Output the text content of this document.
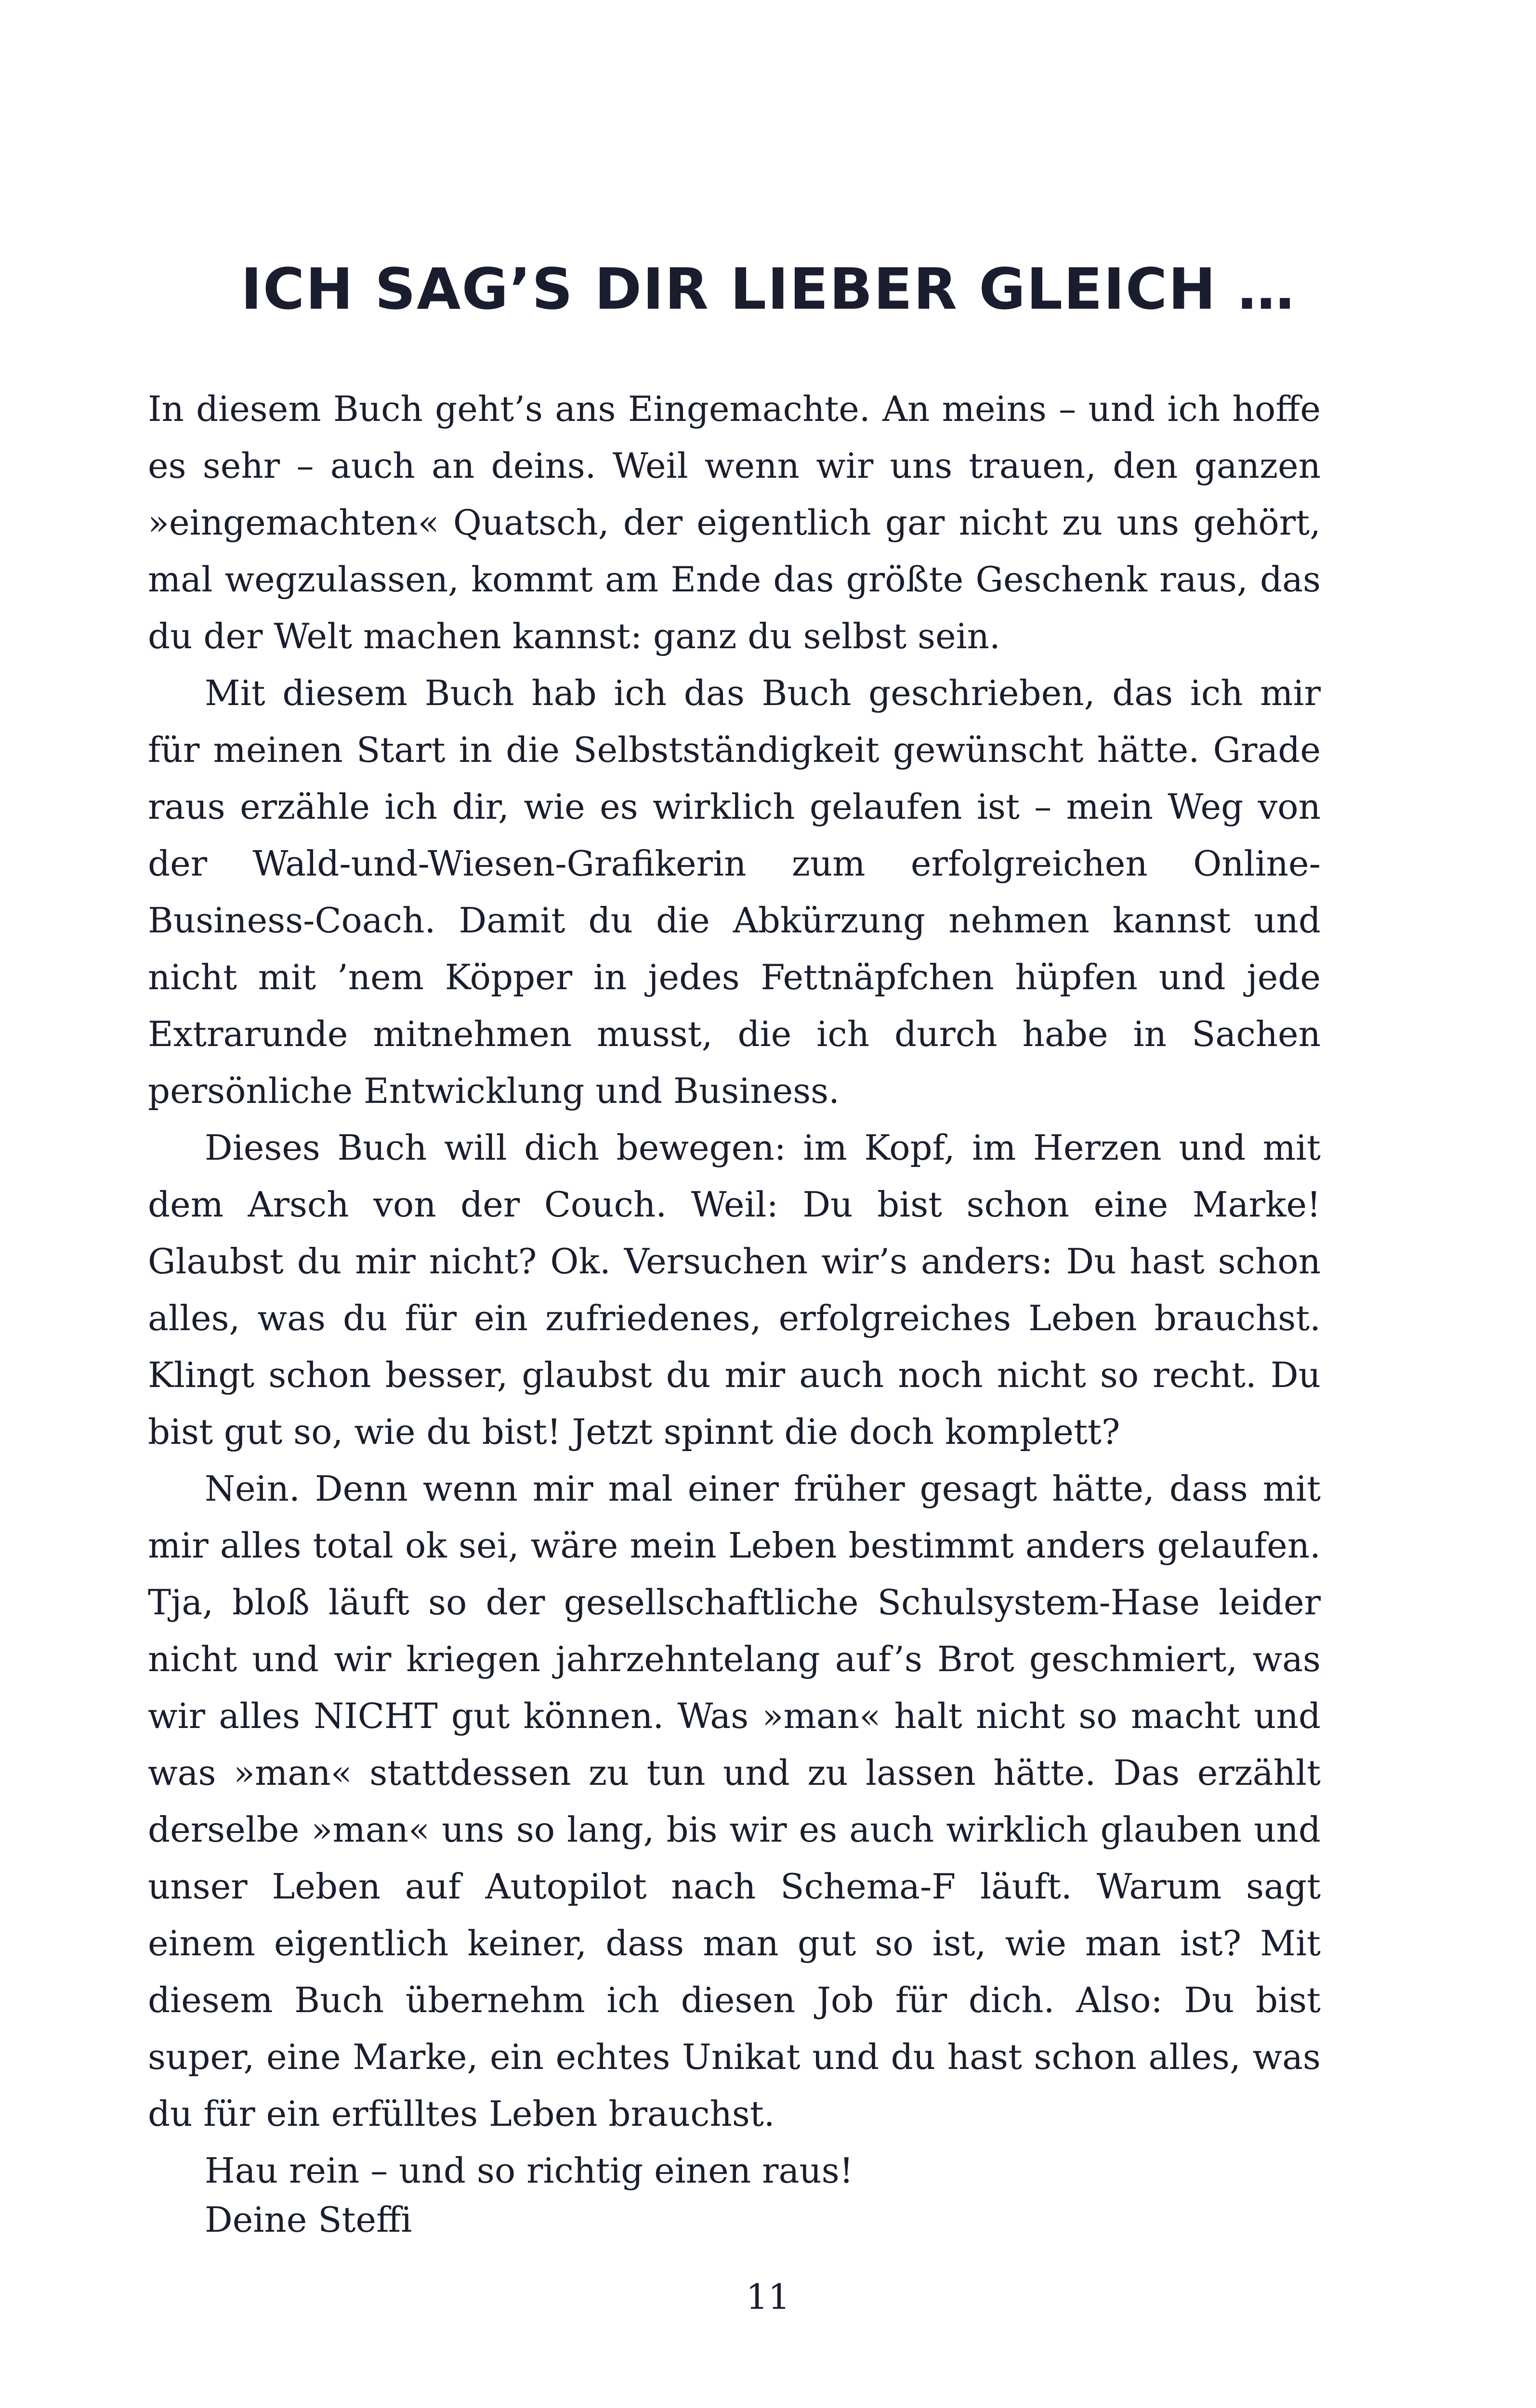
ICH SAG’S DIR LIEBER GLEICH …

In diesem Buch geht’s ans Eingemachte. An meins – und ich hoffe es sehr – auch an deins. Weil wenn wir uns trauen, den ganzen »eingemachten« Quatsch, der eigentlich gar nicht zu uns gehört, mal wegzulassen, kommt am Ende das größte Geschenk raus, das du der Welt machen kannst: ganz du selbst sein.

Mit diesem Buch hab ich das Buch geschrieben, das ich mir für meinen Start in die Selbstständigkeit gewünscht hätte. Grade raus erzähle ich dir, wie es wirklich gelaufen ist – mein Weg von der Wald-und-Wiesen-Grafikerin zum erfolgreichen Online-Business-Coach. Damit du die Abkürzung nehmen kannst und nicht mit ’nem Köpper in jedes Fettnäpfchen hüpfen und jede Extrarunde mitnehmen musst, die ich durch habe in Sachen persönliche Entwicklung und Business.

Dieses Buch will dich bewegen: im Kopf, im Herzen und mit dem Arsch von der Couch. Weil: Du bist schon eine Marke! Glaubst du mir nicht? Ok. Versuchen wir’s anders: Du hast schon alles, was du für ein zufriedenes, erfolgreiches Leben brauchst. Klingt schon besser, glaubst du mir auch noch nicht so recht. Du bist gut so, wie du bist! Jetzt spinnt die doch komplett?

Nein. Denn wenn mir mal einer früher gesagt hätte, dass mit mir alles total ok sei, wäre mein Leben bestimmt anders gelaufen. Tja, bloß läuft so der gesellschaftliche Schulsystem-Hase leider nicht und wir kriegen jahrzehntelang auf’s Brot geschmiert, was wir alles NICHT gut können. Was »man« halt nicht so macht und was »man« stattdessen zu tun und zu lassen hätte. Das erzählt derselbe »man« uns so lang, bis wir es auch wirklich glauben und unser Leben auf Autopilot nach Schema-F läuft. Warum sagt einem eigentlich keiner, dass man gut so ist, wie man ist? Mit diesem Buch übernehm ich diesen Job für dich. Also: Du bist super, eine Marke, ein echtes Unikat und du hast schon alles, was du für ein erfülltes Leben brauchst.

Hau rein – und so richtig einen raus!

Deine Steffi
11
